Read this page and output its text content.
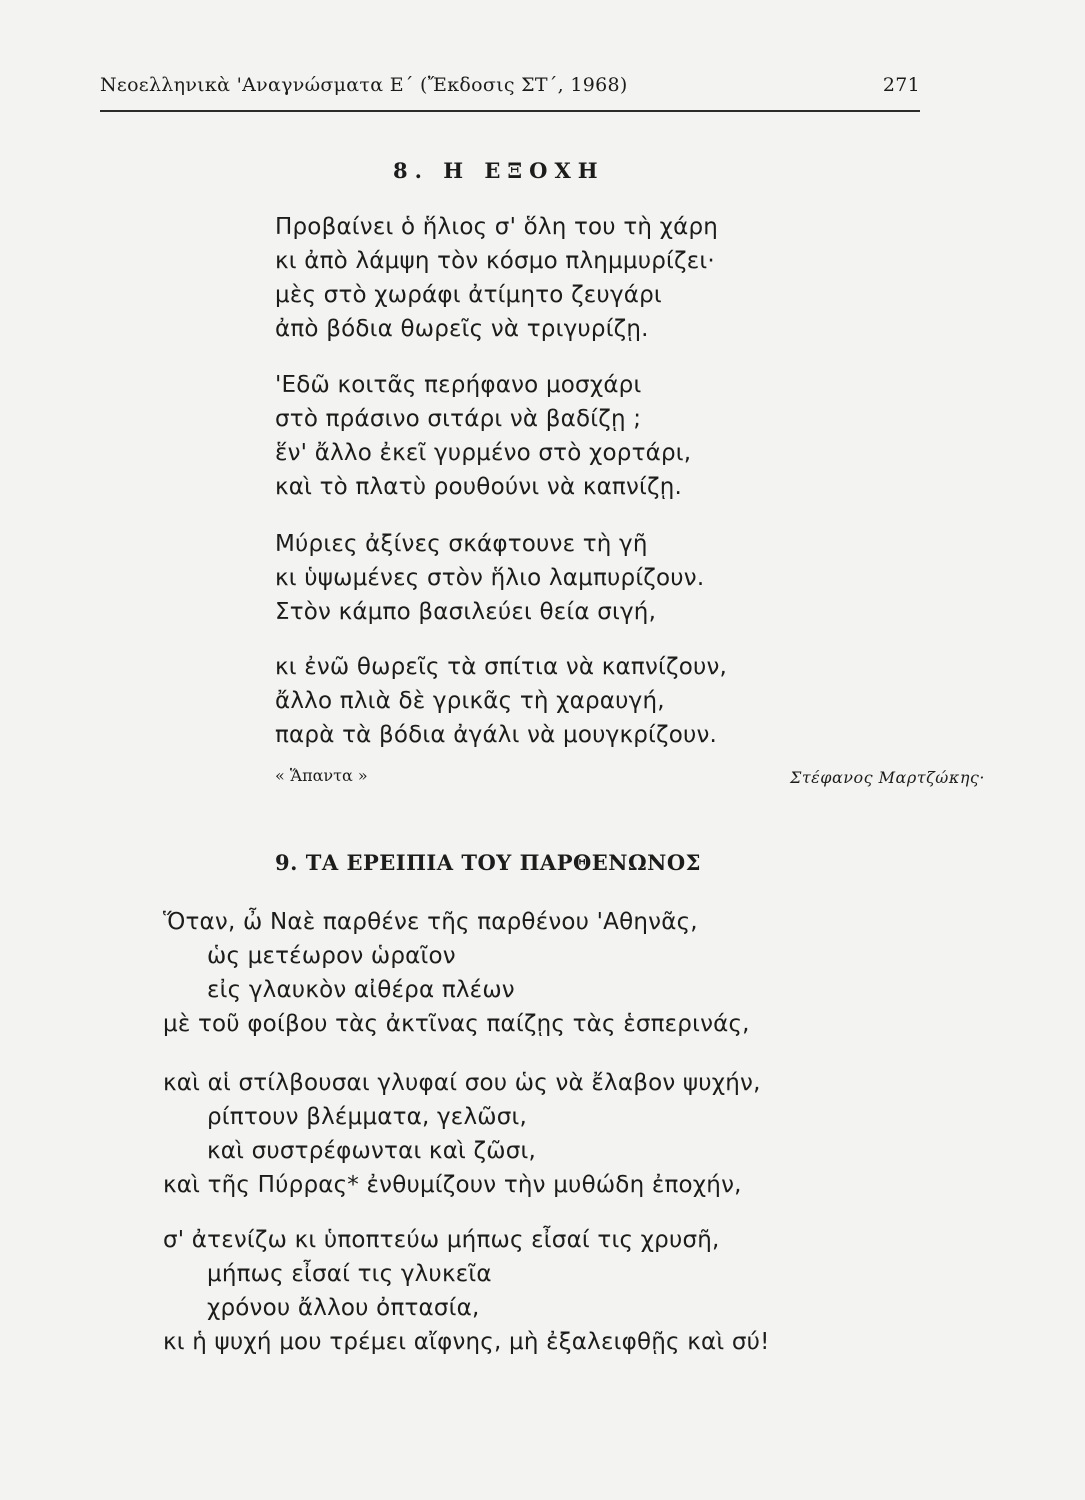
Νεοελληνικὰ 'Αναγνώσματα Ε΄ (Ἔκδοσις ΣΤ΄, 1968)	271
8. Η ΕΞΟΧΗ
Προβαίνει ὁ ἥλιος σ' ὅλη του τὴ χάρη
κι ἀπὸ λάμψη τὸν κόσμο πλημμυρίζει·
μὲς στὸ χωράφι ἀτίμητο ζευγάρι
ἀπὸ βόδια θωρεῖς νὰ τριγυρίζῃ.
'Εδῶ κοιτᾶς περήφανο μοσχάρι
στὸ πράσινο σιτάρι νὰ βαδίζῃ ;
ἕν' ἄλλο ἐκεῖ γυρμένο στὸ χορτάρι,
καὶ τὸ πλατὺ ρουθούνι νὰ καπνίζῃ.
Μύριες ἀξίνες σκάφτουνε τὴ γῆ
κι ὑψωμένες στὸν ἥλιο λαμπυρίζουν.
Στὸν κάμπο βασιλεύει θεία σιγή,
κι ἐνῶ θωρεῖς τὰ σπίτια νὰ καπνίζουν,
ἄλλο πλιὰ δὲ γρικᾶς τὴ χαραυγή,
παρὰ τὰ βόδια ἀγάλι νὰ μουγκρίζουν.
« Ἅπαντα »	Στέφανος Μαρτζώκης·
9. ΤΑ ΕΡΕΙΠΙΑ ΤΟΥ ΠΑΡΘΕΝΩΝΟΣ
Ὅταν, ὦ Ναὲ παρθένε τῆς παρθένου 'Αθηνᾶς,
ὡς μετέωρον ὡραῖον
εἰς γλαυκὸν αἰθέρα πλέων
μὲ τοῦ φοίβου τὰς ἀκτῖνας παίζῃς τὰς ἑσπερινάς,
καὶ αἱ στίλβουσαι γλυφαί σου ὡς νὰ ἔλαβον ψυχήν,
ρίπτουν βλέμματα, γελῶσι,
καὶ συστρέφωνται καὶ ζῶσι,
καὶ τῆς Πύρρας* ἐνθυμίζουν τὴν μυθώδη ἐποχήν,
σ' ἀτενίζω κι ὑποπτεύω μήπως εἶσαί τις χρυσῆ,
μήπως εἶσαί τις γλυκεῖα
χρόνου ἄλλου ὀπτασία,
κι ἡ ψυχή μου τρέμει αἴφνης, μὴ ἐξαλειφθῇς καὶ σύ!
